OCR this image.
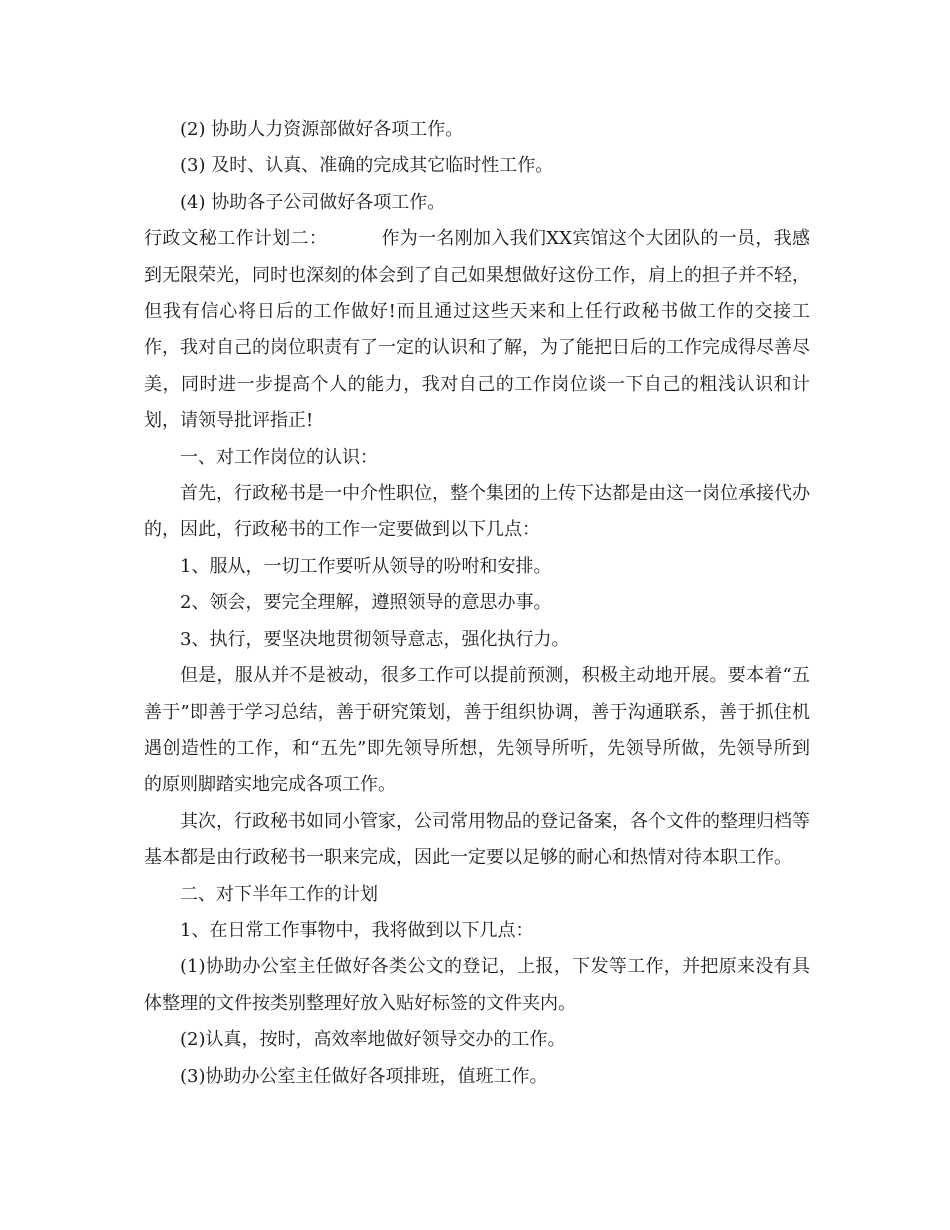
(2) 协助人力资源部做好各项工作。

(3) 及时、认真、准确的完成其它临时性工作。

(4) 协助各子公司做好各项工作。

行政文秘工作计划二：	作为一名刚加入我们XX宾馆这个大团队的一员，我感到无限荣光，同时也深刻的体会到了自己如果想做好这份工作，肩上的担子并不轻，但我有信心将日后的工作做好!而且通过这些天来和上任行政秘书做工作的交接工作，我对自己的岗位职责有了一定的认识和了解，为了能把日后的工作完成得尽善尽美，同时进一步提高个人的能力，我对自己的工作岗位谈一下自己的粗浅认识和计划，请领导批评指正!

一、对工作岗位的认识：

首先，行政秘书是一中介性职位，整个集团的上传下达都是由这一岗位承接代办的，因此，行政秘书的工作一定要做到以下几点：

1、服从，一切工作要听从领导的吩咐和安排。

2、领会，要完全理解，遵照领导的意思办事。

3、执行，要坚决地贯彻领导意志，强化执行力。

但是，服从并不是被动，很多工作可以提前预测，积极主动地开展。要本着“五善于”即善于学习总结，善于研究策划，善于组织协调，善于沟通联系，善于抓住机遇创造性的工作，和“五先”即先领导所想，先领导所听，先领导所做，先领导所到的原则脚踏实地完成各项工作。

其次，行政秘书如同小管家，公司常用物品的登记备案，各个文件的整理归档等基本都是由行政秘书一职来完成，因此一定要以足够的耐心和热情对待本职工作。

二、对下半年工作的计划

1、在日常工作事物中，我将做到以下几点：

(1)协助办公室主任做好各类公文的登记，上报，下发等工作，并把原来没有具体整理的文件按类别整理好放入贴好标签的文件夹内。

(2)认真，按时，高效率地做好领导交办的工作。

(3)协助办公室主任做好各项排班，值班工作。
